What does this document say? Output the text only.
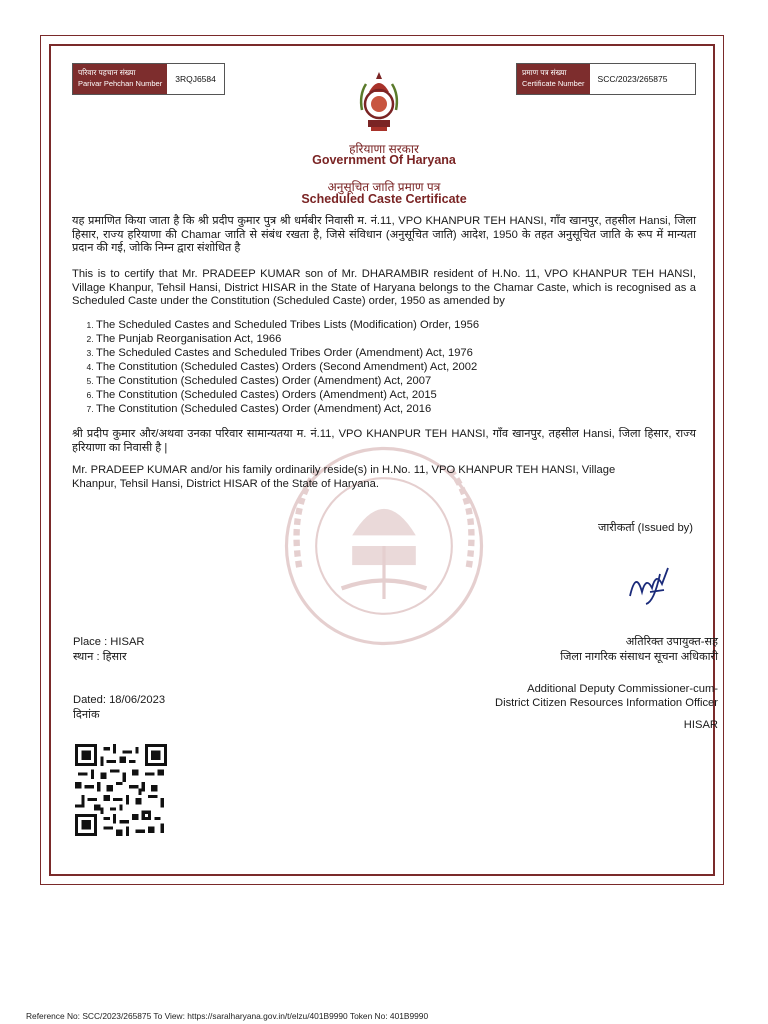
परिवार पहचान संख्या
Parivar Pehchan Number	3RQJ6584
प्रमाण पत्र संख्या
Certificate Number	SCC/2023/265875
हरियाणा सरकार
Government Of Haryana
अनुसूचित जाति प्रमाण पत्र
Scheduled Caste Certificate
यह प्रमाणित किया जाता है कि श्री प्रदीप कुमार पुत्र श्री धर्मबीर निवासी म. नं.11, VPO KHANPUR TEH HANSI, गाँव खानपुर, तहसील Hansi, जिला हिसार, राज्य हरियाणा की Chamar जाति से संबंध रखता है, जिसे संविधान (अनुसूचित जाति) आदेश, 1950 के तहत अनुसूचित जाति के रूप में मान्यता प्रदान की गई, जोकि निम्न द्वारा संशोधित है
This is to certify that Mr. PRADEEP KUMAR son of Mr. DHARAMBIR resident of H.No. 11, VPO KHANPUR TEH HANSI, Village Khanpur, Tehsil Hansi, District HISAR in the State of Haryana belongs to the Chamar Caste, which is recognised as a Scheduled Caste under the Constitution (Scheduled Caste) order, 1950 as amended by
1. The Scheduled Castes and Scheduled Tribes Lists (Modification) Order, 1956
2. The Punjab Reorganisation Act, 1966
3. The Scheduled Castes and Scheduled Tribes Order (Amendment) Act, 1976
4. The Constitution (Scheduled Castes) Orders (Second Amendment) Act, 2002
5. The Constitution (Scheduled Castes) Order (Amendment) Act, 2007
6. The Constitution (Scheduled Castes) Orders (Amendment) Act, 2015
7. The Constitution (Scheduled Castes) Order (Amendment) Act, 2016
श्री प्रदीप कुमार और/अथवा उनका परिवार सामान्यतया म. नं.11, VPO KHANPUR TEH HANSI, गाँव खानपुर, तहसील Hansi, जिला हिसार, राज्य हरियाणा का निवासी है |
Mr. PRADEEP KUMAR and/or his family ordinarily reside(s) in H.No. 11, VPO KHANPUR TEH HANSI, Village Khanpur, Tehsil Hansi, District HISAR of the State of Haryana.
जारीकर्ता (Issued by)
Place : HISAR
स्थान : हिसार
अतिरिक्त उपायुक्त-सह
जिला नागरिक संसाधन सूचना अधिकारी
Additional Deputy Commissioner-cum-
District Citizen Resources Information Officer
HISAR
Dated: 18/06/2023
दिनांक
Reference No: SCC/2023/265875 To View: https://saralharyana.gov.in/t/elzu/401B9990 Token No: 401B9990
